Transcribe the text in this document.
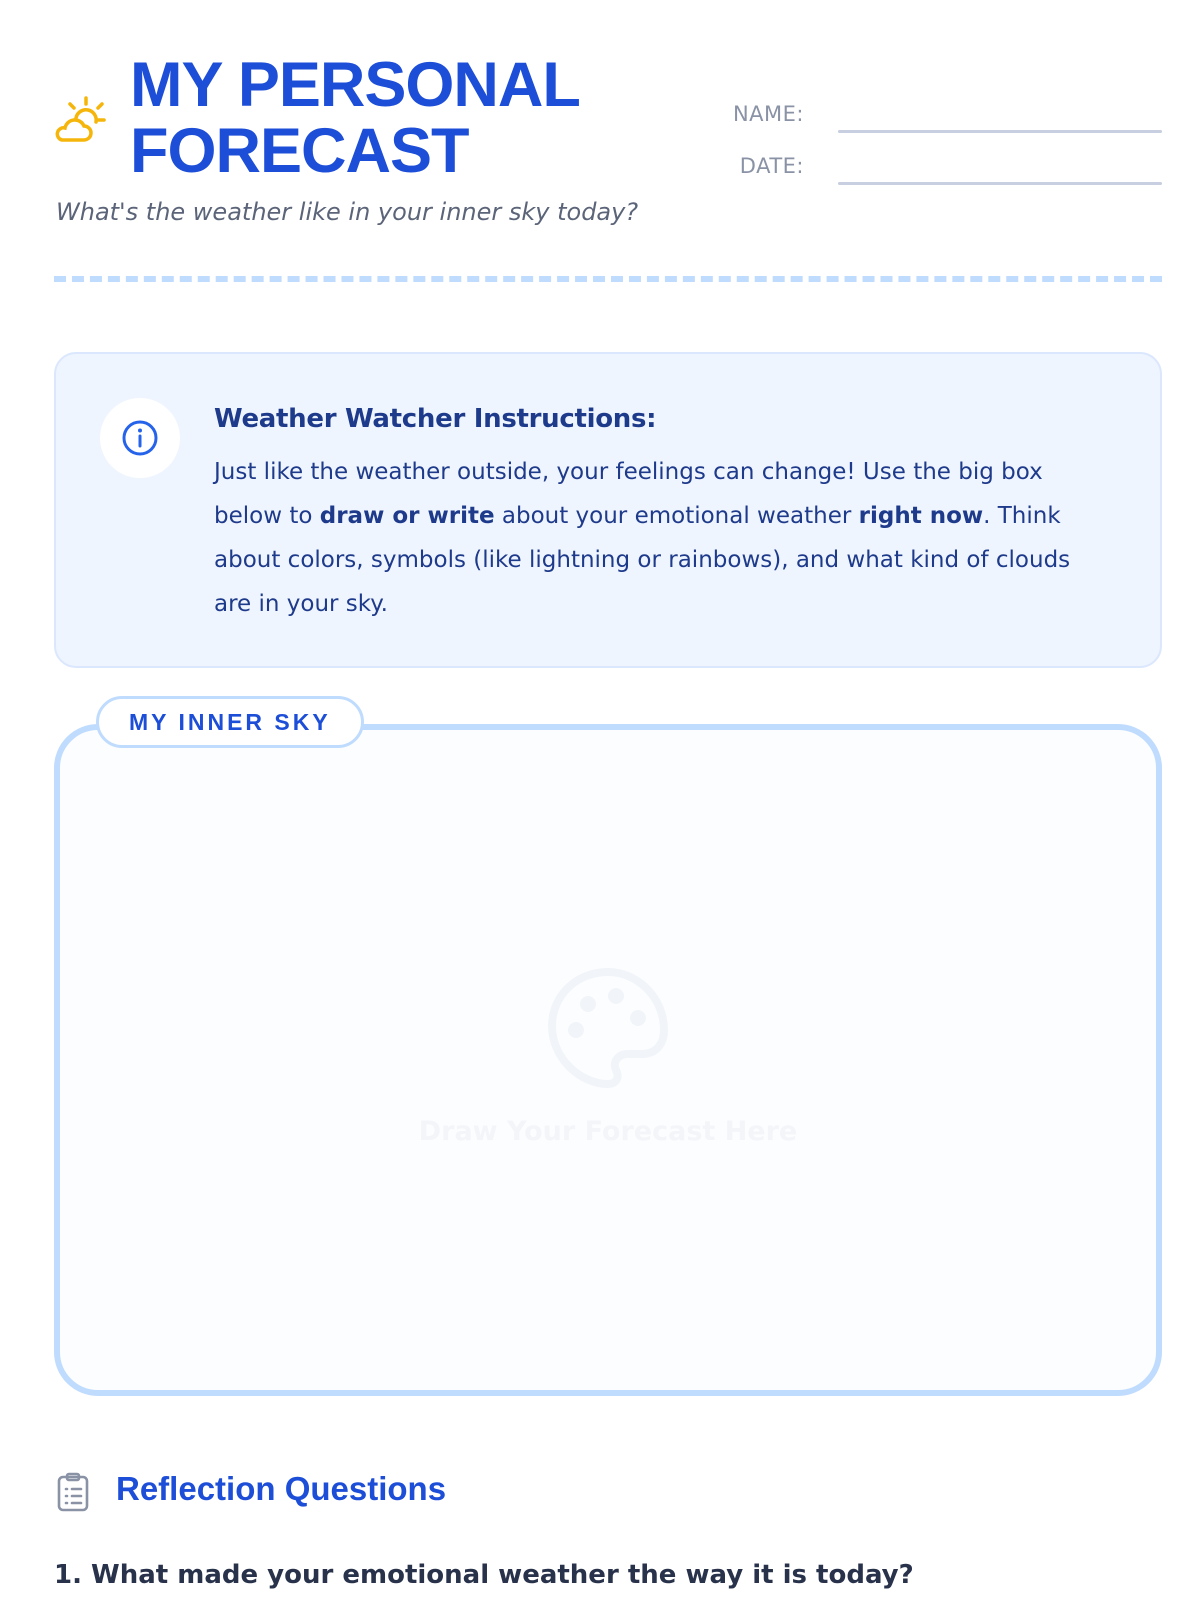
MY PERSONAL FORECAST
What's the weather like in your inner sky today?
NAME:
DATE:
Weather Watcher Instructions:
Just like the weather outside, your feelings can change! Use the big box below to draw or write about your emotional weather right now. Think about colors, symbols (like lightning or rainbows), and what kind of clouds are in your sky.
MY INNER SKY
Draw Your Forecast Here
Reflection Questions
1. What made your emotional weather the way it is today?
